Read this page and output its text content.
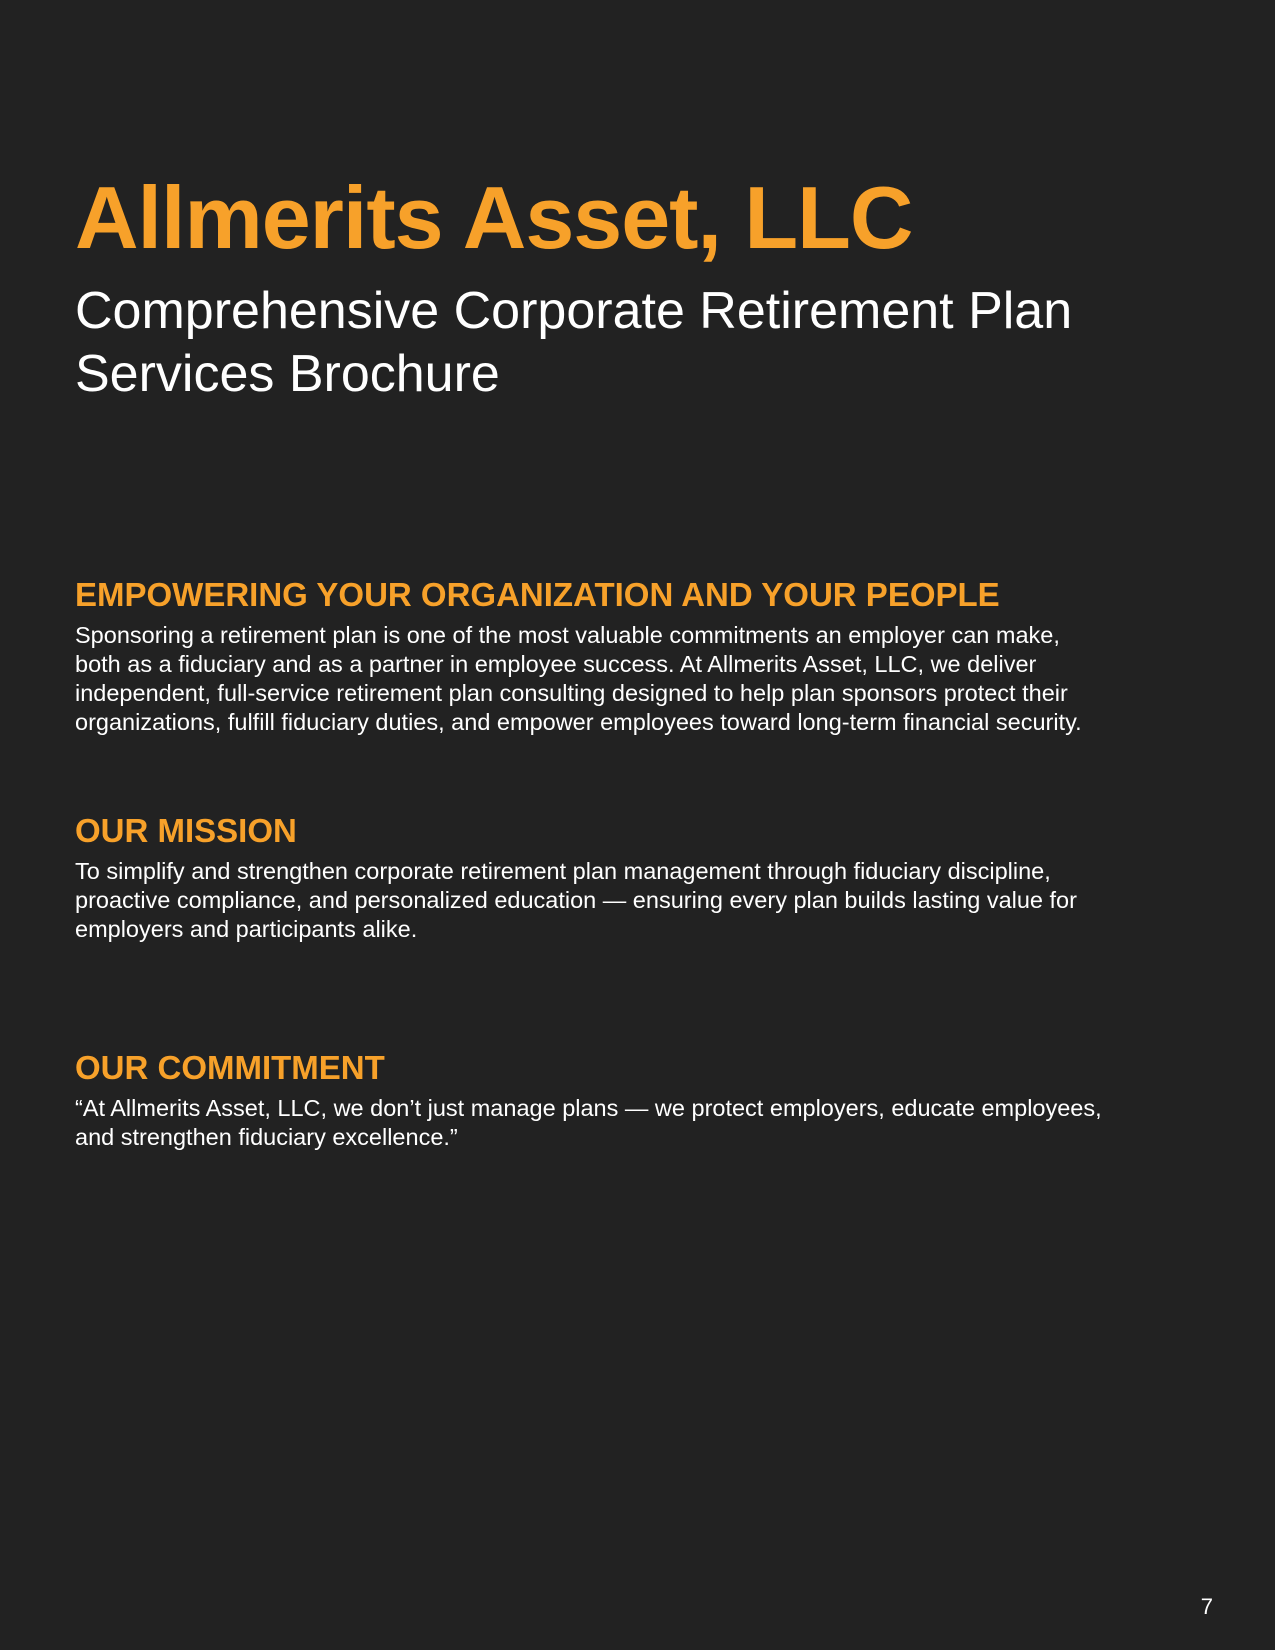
Allmerits Asset, LLC
Comprehensive Corporate Retirement Plan Services Brochure
EMPOWERING YOUR ORGANIZATION AND YOUR PEOPLE

Sponsoring a retirement plan is one of the most valuable commitments an employer can make, both as a fiduciary and as a partner in employee success. At Allmerits Asset, LLC, we deliver independent, full-service retirement plan consulting designed to help plan sponsors protect their organizations, fulfill fiduciary duties, and empower employees toward long-term financial security.

OUR MISSION

To simplify and strengthen corporate retirement plan management through fiduciary discipline, proactive compliance, and personalized education — ensuring every plan builds lasting value for employers and participants alike.

OUR COMMITMENT

“At Allmerits Asset, LLC, we don’t just manage plans — we protect employers, educate employees, and strengthen fiduciary excellence.”

7
